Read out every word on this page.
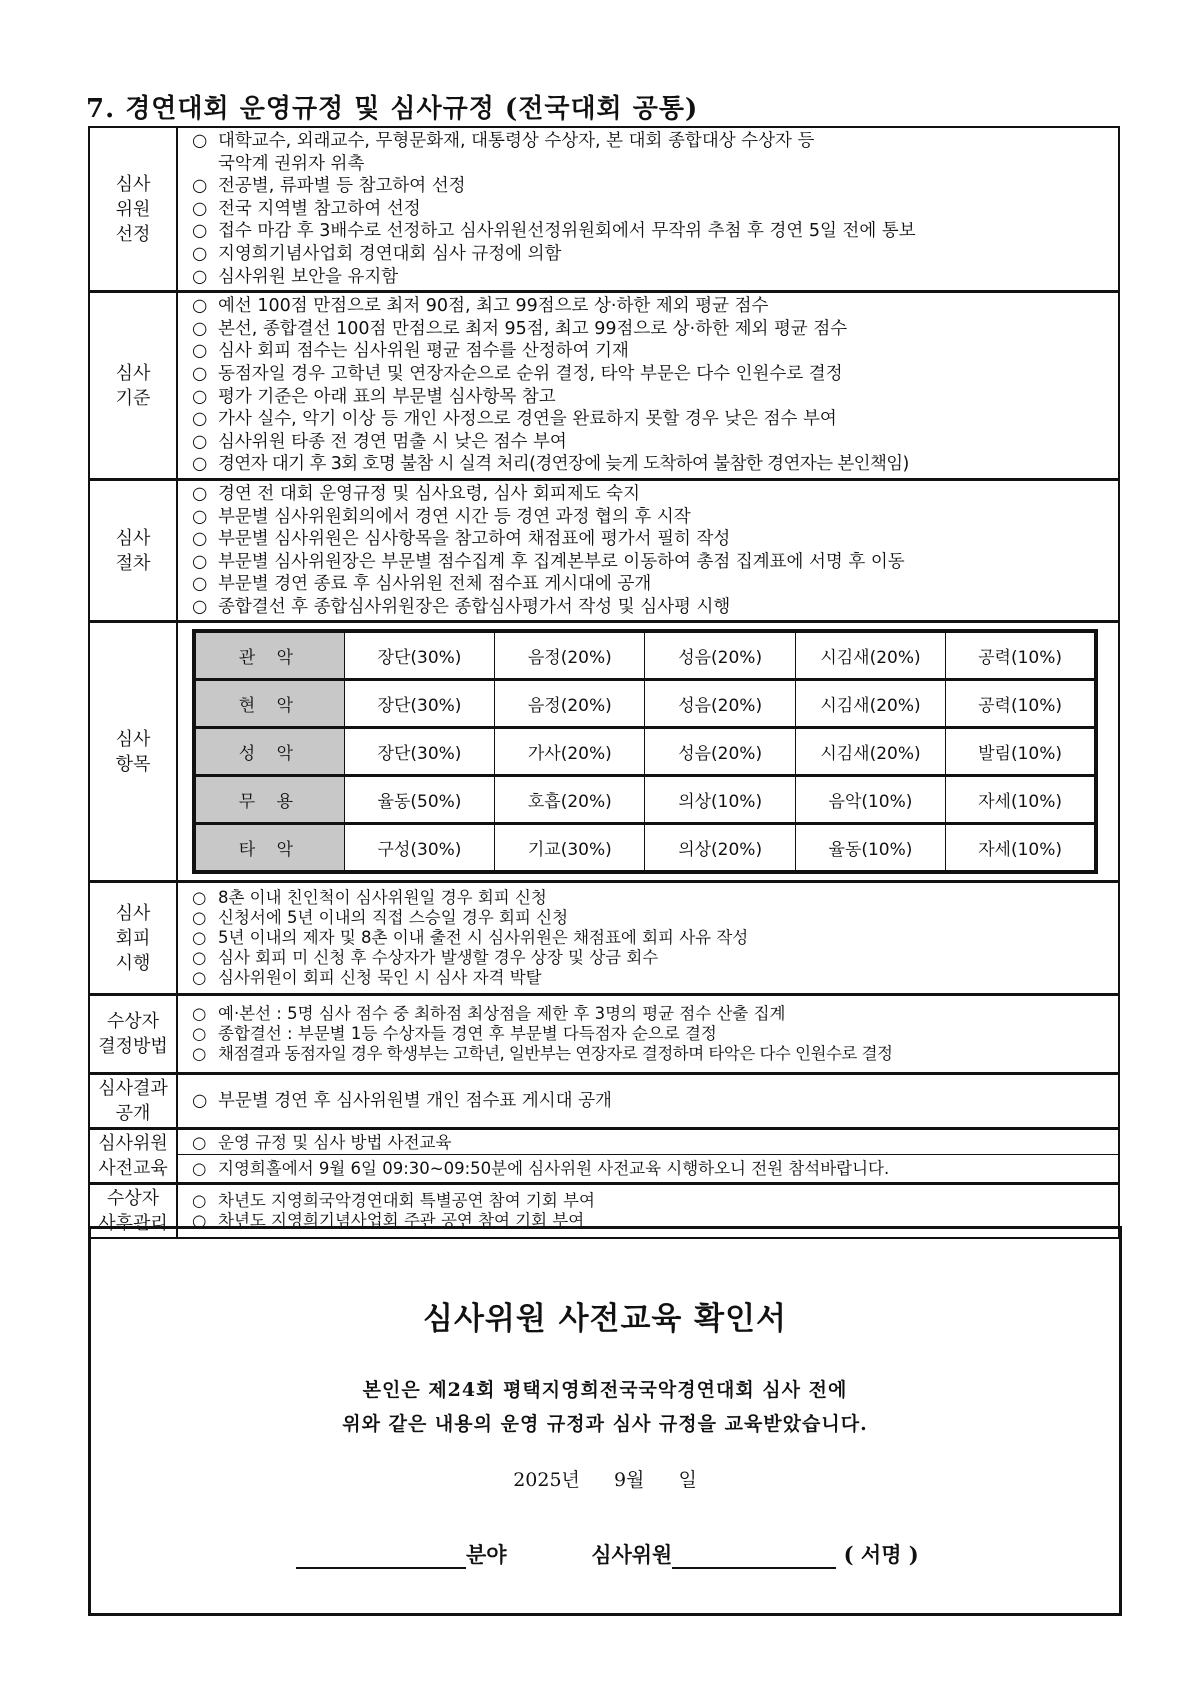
7. 경연대회 운영규정 및 심사규정 (전국대회 공통)
심사
위원
선정

○ 대학교수, 외래교수, 무형문화재, 대통령상 수상자, 본 대회 종합대상 수상자 등
국악계 권위자 위촉
○ 전공별, 류파별 등 참고하여 선정
○ 전국 지역별 참고하여 선정
○ 접수 마감 후 3배수로 선정하고 심사위원선정위원회에서 무작위 추첨 후 경연 5일 전에 통보
○ 지영희기념사업회 경연대회 심사 규정에 의함
○ 심사위원 보안을 유지함

심사
기준

○ 예선 100점 만점으로 최저 90점, 최고 99점으로 상·하한 제외 평균 점수
○ 본선, 종합결선 100점 만점으로 최저 95점, 최고 99점으로 상·하한 제외 평균 점수
○ 심사 회피 점수는 심사위원 평균 점수를 산정하여 기재
○ 동점자일 경우 고학년 및 연장자순으로 순위 결정, 타악 부문은 다수 인원수로 결정
○ 평가 기준은 아래 표의 부문별 심사항목 참고
○ 가사 실수, 악기 이상 등 개인 사정으로 경연을 완료하지 못할 경우 낮은 점수 부여
○ 심사위원 타종 전 경연 멈출 시 낮은 점수 부여
○ 경연자 대기 후 3회 호명 불참 시 실격 처리(경연장에 늦게 도착하여 불참한 경연자는 본인책임)

심사
절차

○ 경연 전 대회 운영규정 및 심사요령, 심사 회피제도 숙지
○ 부문별 심사위원회의에서 경연 시간 등 경연 과정 협의 후 시작
○ 부문별 심사위원은 심사항목을 참고하여 채점표에 평가서 필히 작성
○ 부문별 심사위원장은 부문별 점수집계 후 집계본부로 이동하여 총점 집계표에 서명 후 이동
○ 부문별 경연 종료 후 심사위원 전체 점수표 게시대에 공개
○ 종합결선 후 종합심사위원장은 종합심사평가서 작성 및 심사평 시행

심사
항목

관 악	장단(30%)	음정(20%)	성음(20%)	시김새(20%)	공력(10%)
현 악	장단(30%)	음정(20%)	성음(20%)	시김새(20%)	공력(10%)
성 악	장단(30%)	가사(20%)	성음(20%)	시김새(20%)	발림(10%)
무 용	율동(50%)	호흡(20%)	의상(10%)	음악(10%)	자세(10%)
타 악	구성(30%)	기교(30%)	의상(20%)	율동(10%)	자세(10%)

심사
회피
시행

○ 8촌 이내 친인척이 심사위원일 경우 회피 신청
○ 신청서에 5년 이내의 직접 스승일 경우 회피 신청
○ 5년 이내의 제자 및 8촌 이내 출전 시 심사위원은 채점표에 회피 사유 작성
○ 심사 회피 미 신청 후 수상자가 발생할 경우 상장 및 상금 회수
○ 심사위원이 회피 신청 묵인 시 심사 자격 박탈

수상자
결정방법

○ 예·본선 : 5명 심사 점수 중 최하점 최상점을 제한 후 3명의 평균 점수 산출 집계
○ 종합결선 : 부문별 1등 수상자들 경연 후 부문별 다득점자 순으로 결정
○ 채점결과 동점자일 경우 학생부는 고학년, 일반부는 연장자로 결정하며 타악은 다수 인원수로 결정

심사결과
공개

○ 부문별 경연 후 심사위원별 개인 점수표 게시대 공개

심사위원
사전교육

○ 운영 규정 및 심사 방법 사전교육
○ 지영희홀에서 9월 6일 09:30~09:50분에 심사위원 사전교육 시행하오니 전원 참석바랍니다.

수상자
사후관리

○ 차년도 지영희국악경연대회 특별공연 참여 기회 부여
○ 차년도 지영희기념사업회 주관 공연 참여 기회 부여
심사위원 사전교육 확인서
본인은 제24회 평택지영희전국국악경연대회 심사 전에
위와 같은 내용의 운영 규정과 심사 규정을 교육받았습니다.
2025년 9월 일
분야	심사위원	( 서명 )
